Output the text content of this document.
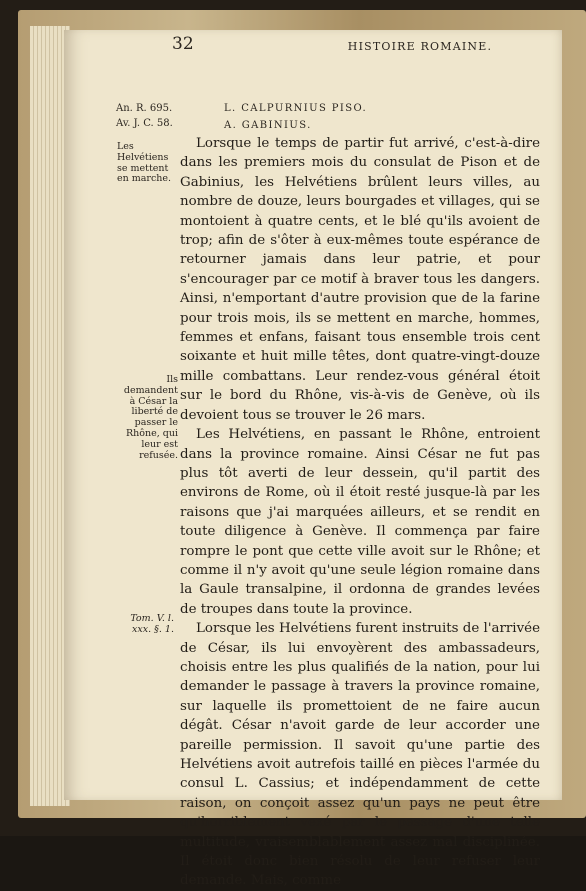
32	HISTOIRE ROMAINE.
An. R. 695.
Av. J. C. 58.
L. CALPURNIUS PISO.
A. GABINIUS.
Les Helvétiens se mettent en marche.
Ils demandent à César la liberté de passer le Rhône, qui leur est refusée.
Tom. V. l. xxx. §. 1.

Lorsque le temps de partir fut arrivé, c'est-à-dire dans les premiers mois du consulat de Pison et de Gabinius, les Helvétiens brûlent leurs villes, au nombre de douze, leurs bourgades et villages, qui se montoient à quatre cents, et le blé qu'ils avoient de trop; afin de s'ôter à eux-mêmes toute espérance de retourner jamais dans leur patrie, et pour s'encourager par ce motif à braver tous les dangers. Ainsi, n'emportant d'autre provision que de la farine pour trois mois, ils se mettent en marche, hommes, femmes et enfans, faisant tous ensemble trois cent soixante et huit mille têtes, dont quatre-vingt-douze mille combattans. Leur rendez-vous général étoit sur le bord du Rhône, vis-à-vis de Genève, où ils devoient tous se trouver le 26 mars.

Les Helvétiens, en passant le Rhône, entroient dans la province romaine. Ainsi César ne fut pas plus tôt averti de leur dessein, qu'il partit des environs de Rome, où il étoit resté jusque-là par les raisons que j'ai marquées ailleurs, et se rendit en toute diligence à Genève. Il commença par faire rompre le pont que cette ville avoit sur le Rhône; et comme il n'y avoit qu'une seule légion romaine dans la Gaule transalpine, il ordonna de grandes levées de troupes dans toute la province.

Lorsque les Helvétiens furent instruits de l'arrivée de César, ils lui envoyèrent des ambassadeurs, choisis entre les plus qualifiés de la nation, pour lui demander le passage à travers la province romaine, sur laquelle ils promettoient de ne faire aucun dégât. César n'avoit garde de leur accorder une pareille permission. Il savoit qu'une partie des Helvétiens avoit autrefois taillé en pièces l'armée du consul L. Cassius; et indépendamment de cette raison, on conçoit assez qu'un pays ne peut être qu'horriblement vexé par le passage d'une telle multitude, vraisemblablement assez mal disciplinée. Il étoit donc bien résolu de leur refuser leur demande. Mais, comme
